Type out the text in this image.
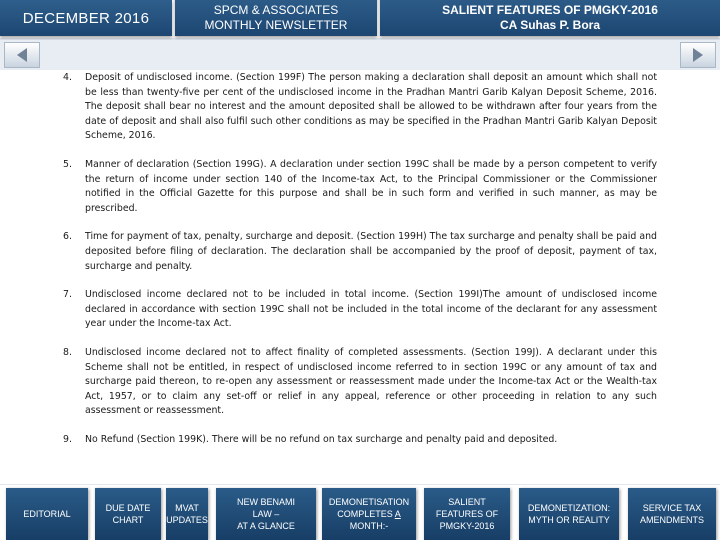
DECEMBER 2016	SPCM & ASSOCIATES
MONTHLY NEWSLETTER
SALIENT FEATURES OF PMGKY-2016
CA Suhas P. Bora
4.	Deposit of undisclosed income. (Section 199F) The person making a declaration shall deposit an amount which shall not be less than twenty-five per cent of the undisclosed income in the Pradhan Mantri Garib Kalyan Deposit Scheme, 2016. The deposit shall bear no interest and the amount deposited shall be allowed to be withdrawn after four years from the date of deposit and shall also fulfil such other conditions as may be specified in the Pradhan Mantri Garib Kalyan Deposit Scheme, 2016.
5.	Manner of declaration (Section 199G). A declaration under section 199C shall be made by a person competent to verify the return of income under section 140 of the Income-tax Act, to the Principal Commissioner or the Commissioner notified in the Official Gazette for this purpose and shall be in such form and verified in such manner, as may be prescribed.
6.	Time for payment of tax, penalty, surcharge and deposit. (Section 199H) The tax surcharge and penalty shall be paid and deposited before filing of declaration. The declaration shall be accompanied by the proof of deposit, payment of tax, surcharge and penalty.
7.	Undisclosed income declared not to be included in total income. (Section 199I)The amount of undisclosed income declared in accordance with section 199C shall not be included in the total income of the declarant for any assessment year under the Income-tax Act.
8.	Undisclosed income declared not to affect finality of completed assessments. (Section 199J). A declarant under this Scheme shall not be entitled, in respect of undisclosed income referred to in section 199C or any amount of tax and surcharge paid thereon, to re-open any assessment or reassessment made under the Income-tax Act or the Wealth-tax Act, 1957, or to claim any set-off or relief in any appeal, reference or other proceeding in relation to any such assessment or reassessment.
9.	No Refund (Section 199K). There will be no refund on tax surcharge and penalty paid and deposited.
EDITORIAL
DUE DATE
CHART
MVAT
UPDATES
NEW BENAMI
LAW –
AT A GLANCE
DEMONETISATION
COMPLETES A
MONTH:-
SALIENT
FEATURES OF
PMGKY-2016
DEMONETIZATION:
MYTH OR REALITY
SERVICE TAX
AMENDMENTS
